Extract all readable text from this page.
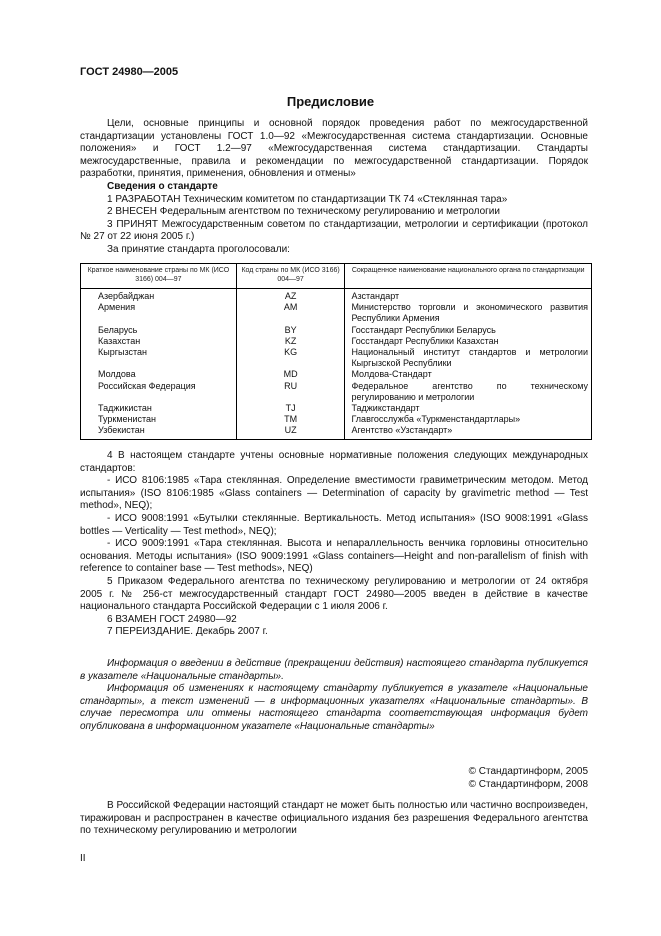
ГОСТ 24980—2005
Предисловие

Цели, основные принципы и основной порядок проведения работ по межгосударственной стандартизации установлены ГОСТ 1.0—92 «Межгосударственная система стандартизации. Основные положения» и ГОСТ 1.2—97 «Межгосударственная система стандартизации. Стандарты межгосударственные, правила и рекомендации по межгосударственной стандартизации. Порядок разработки, принятия, применения, обновления и отмены»

Сведения о стандарте

1 РАЗРАБОТАН Техническим комитетом по стандартизации ТК 74 «Стеклянная тара»

2 ВНЕСЕН Федеральным агентством по техническому регулированию и метрологии

3 ПРИНЯТ Межгосударственным советом по стандартизации, метрологии и сертификации (протокол № 27 от 22 июня 2005 г.)

За принятие стандарта проголосовали:

Краткое наименование страны по МК (ИСО 3166) 004—97	Код страны по МК (ИСО 3166) 004—97	Сокращенное наименование национального органа по стандартизации
Азербайджан	AZ	Азстандарт
Армения	AM	Министерство торговли и экономического развития Республики Армения
Беларусь	BY	Госстандарт Республики Беларусь
Казахстан	KZ	Госстандарт Республики Казахстан
Кыргызстан	KG	Национальный институт стандартов и метрологии Кыргызской Республики
Молдова	MD	Молдова-Стандарт
Российская Федерация	RU	Федеральное агентство по техническому регулированию и метрологии
Таджикистан	TJ	Таджикстандарт
Туркменистан	TM	Главгосслужба «Туркменстандартлары»
Узбекистан	UZ	Агентство «Узстандарт»

4 В настоящем стандарте учтены основные нормативные положения следующих международных стандартов:

- ИСО 8106:1985 «Тара стеклянная. Определение вместимости гравиметрическим методом. Метод испытания» (ISO 8106:1985 «Glass containers — Determination of capacity by gravimetric method — Test method», NEQ);

- ИСО 9008:1991 «Бутылки стеклянные. Вертикальность. Метод испытания» (ISO 9008:1991 «Glass bottles — Verticality — Test method», NEQ);

- ИСО 9009:1991 «Тара стеклянная. Высота и непараллельность венчика горловины относительно основания. Методы испытания» (ISO 9009:1991 «Glass containers—Height and non-parallelism of finish with reference to container base — Test methods», NEQ)

5 Приказом Федерального агентства по техническому регулированию и метрологии от 24 октября 2005 г. № 256-ст межгосударственный стандарт ГОСТ 24980—2005 введен в действие в качестве национального стандарта Российской Федерации с 1 июля 2006 г.

6 ВЗАМЕН ГОСТ 24980—92

7 ПЕРЕИЗДАНИЕ. Декабрь 2007 г.

Информация о введении в действие (прекращении действия) настоящего стандарта публикуется в указателе «Национальные стандарты».

Информация об изменениях к настоящему стандарту публикуется в указателе «Национальные стандарты», а текст изменений — в информационных указателях «Национальные стандарты». В случае пересмотра или отмены настоящего стандарта соответствующая информация будет опубликована в информационном указателе «Национальные стандарты»

© Стандартинформ, 2005
© Стандартинформ, 2008

В Российской Федерации настоящий стандарт не может быть полностью или частично воспроизведен, тиражирован и распространен в качестве официального издания без разрешения Федерального агентства по техническому регулированию и метрологии

II
